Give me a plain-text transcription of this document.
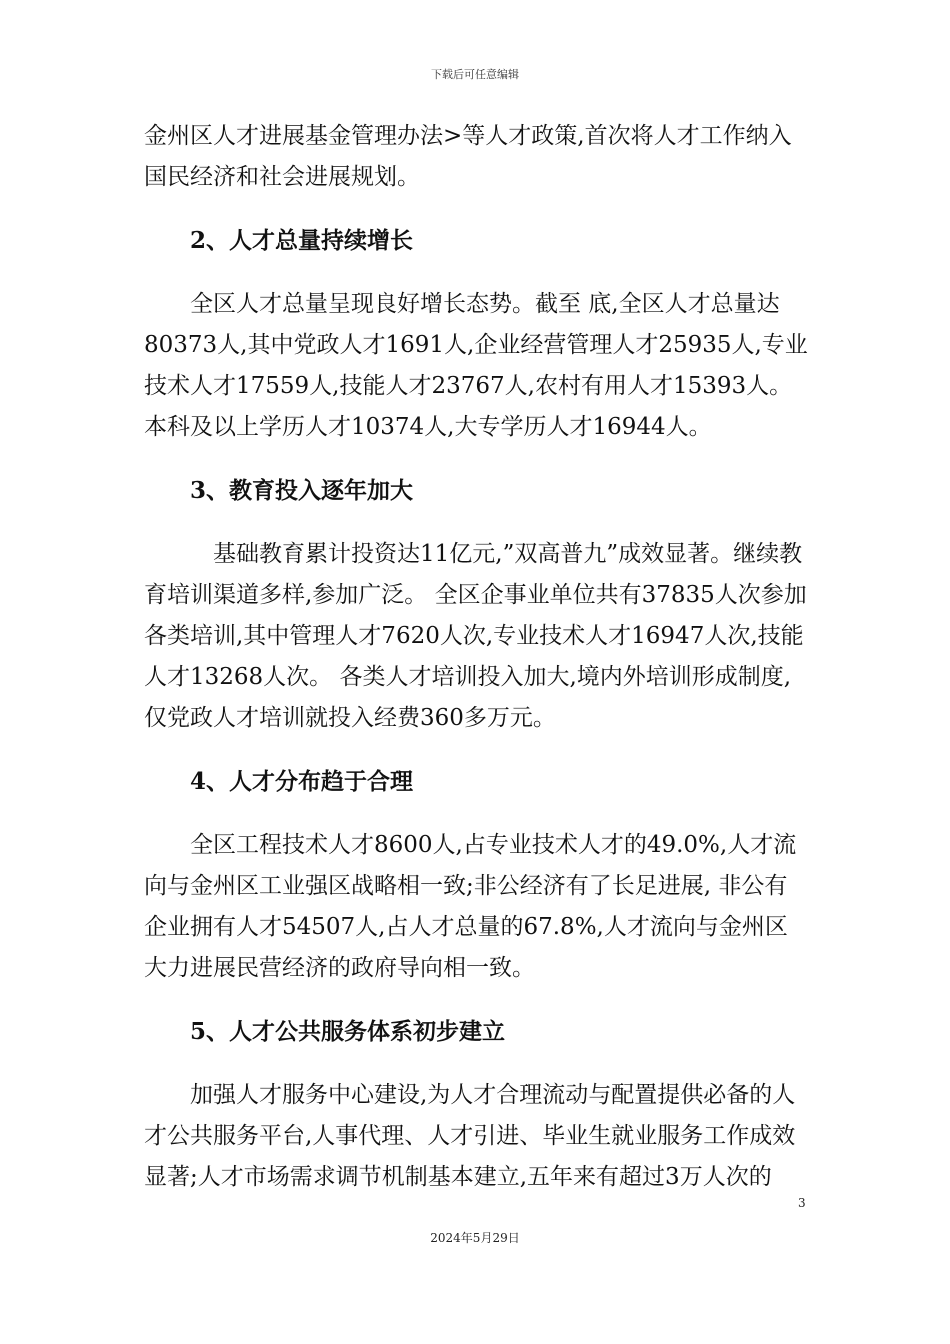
下载后可任意编辑

金州区人才进展基金管理办法>等人才政策,首次将人才工作纳入国民经济和社会进展规划。

2、人才总量持续增长

全区人才总量呈现良好增长态势。截至 底,全区人才总量达80373人,其中党政人才1691人,企业经营管理人才25935人,专业技术人才17559人,技能人才23767人,农村有用人才15393人。本科及以上学历人才10374人,大专学历人才16944人。

3、教育投入逐年加大

基础教育累计投资达11亿元,”双高普九”成效显著。继续教育培训渠道多样,参加广泛。 全区企事业单位共有37835人次参加各类培训,其中管理人才7620人次,专业技术人才16947人次,技能人才13268人次。 各类人才培训投入加大,境内外培训形成制度,仅党政人才培训就投入经费360多万元。

4、人才分布趋于合理

全区工程技术人才8600人,占专业技术人才的49.0%,人才流向与金州区工业强区战略相一致;非公经济有了长足进展, 非公有企业拥有人才54507人,占人才总量的67.8%,人才流向与金州区大力进展民营经济的政府导向相一致。

5、人才公共服务体系初步建立

加强人才服务中心建设,为人才合理流动与配置提供必备的人才公共服务平台,人事代理、人才引进、毕业生就业服务工作成效显著;人才市场需求调节机制基本建立,五年来有超过3万人次的

3
2024年5月29日
